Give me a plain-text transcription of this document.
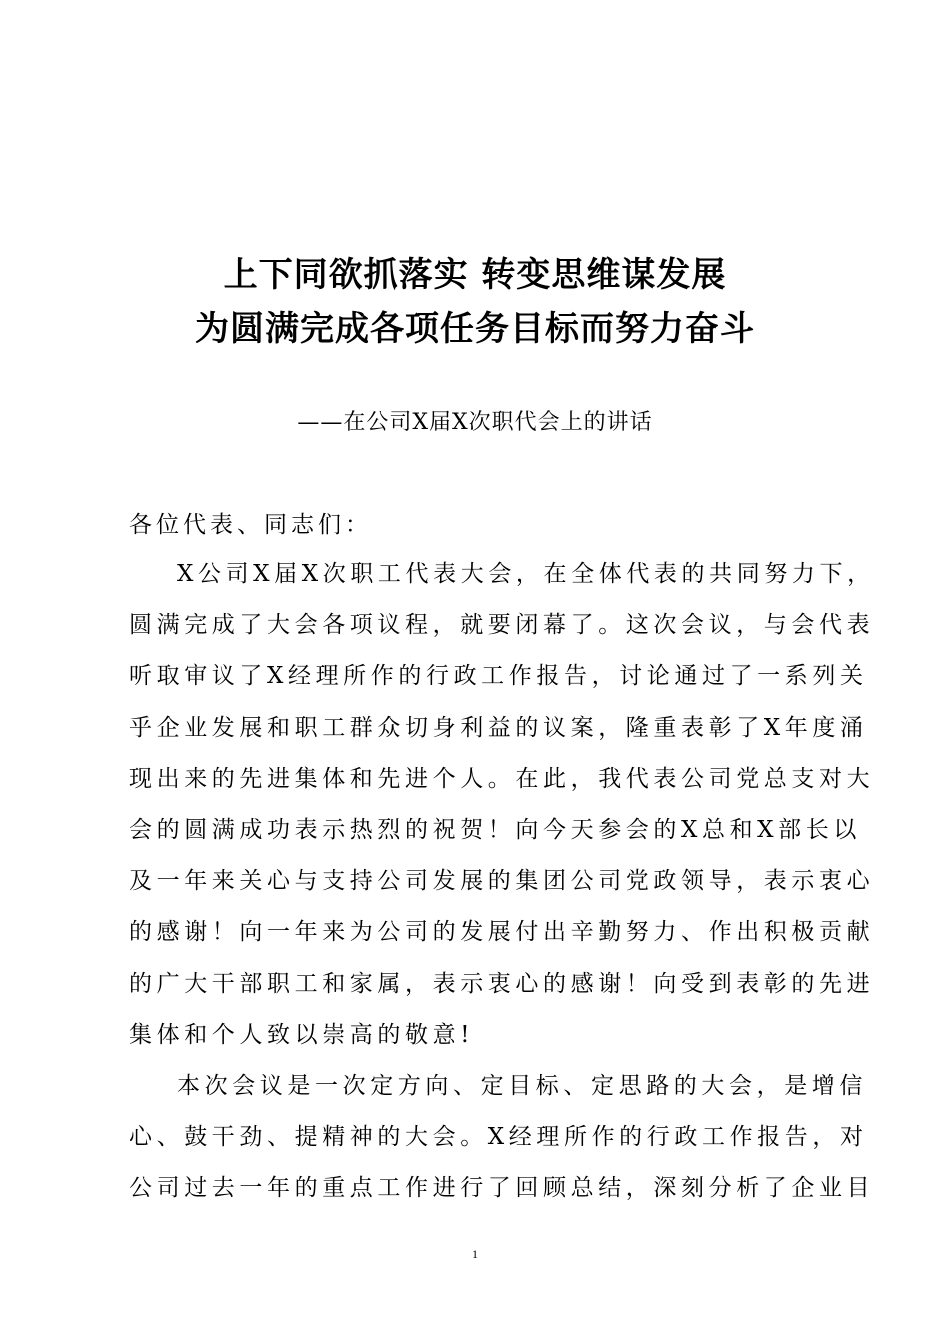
上下同欲抓落实 转变思维谋发展
为圆满完成各项任务目标而努力奋斗
——在公司X届X次职代会上的讲话
各位代表、同志们：
X公司X届X次职工代表大会，在全体代表的共同努力下，
圆满完成了大会各项议程，就要闭幕了。这次会议，与会代表
听取审议了X经理所作的行政工作报告，讨论通过了一系列关
乎企业发展和职工群众切身利益的议案，隆重表彰了X年度涌
现出来的先进集体和先进个人。在此，我代表公司党总支对大
会的圆满成功表示热烈的祝贺！向今天参会的X总和X部长以
及一年来关心与支持公司发展的集团公司党政领导，表示衷心
的感谢！向一年来为公司的发展付出辛勤努力、作出积极贡献
的广大干部职工和家属，表示衷心的感谢！向受到表彰的先进
集体和个人致以崇高的敬意!
本次会议是一次定方向、定目标、定思路的大会，是增信
心、鼓干劲、提精神的大会。X经理所作的行政工作报告，对
公司过去一年的重点工作进行了回顾总结，深刻分析了企业目
1
